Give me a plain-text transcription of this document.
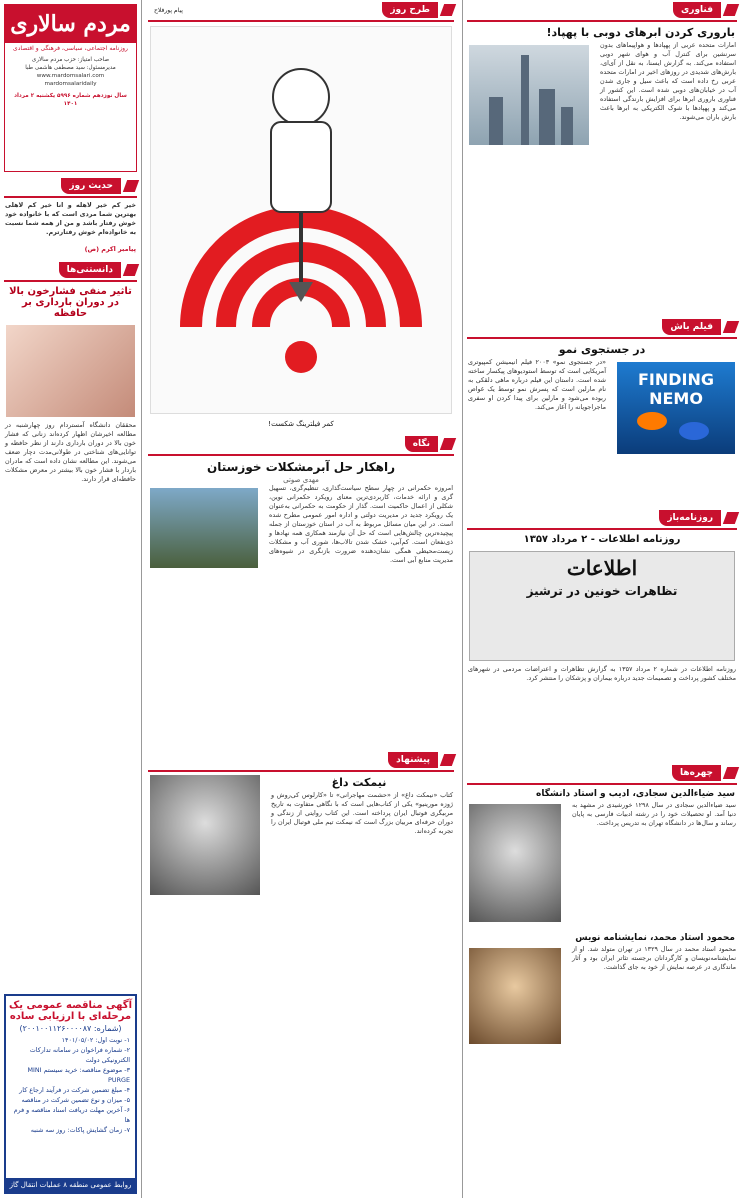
مردم سالاری
روزنامه اجتماعی، سیاسی، فرهنگی و اقتصادی
صاحب امتیاز: حزب مردم سالاری
مدیرمسئول: سید مصطفی هاشمی طبا
www.mardomsalari.com
mardomsalaridaily
سال نوزدهم شماره ۵۹۹۶ یکشنبه ۲ مرداد ۱۴۰۱
حدیث روز
خیر کم خیر لاهله و انا خیر کم لاهلی بهترین شما مردی است که با خانواده خود خوش رفتار باشد و من از همه شما نسبت به خانواده‌ام خوش رفتارترم.
پیامبر اکرم (ص)
دانستنی‌ها
تاثیر منفی فشارخون بالا در دوران بارداری بر حافظه
محققان دانشگاه آمستردام روز چهارشنبه در مطالعه اخیرشان اظهار کرده‌اند زنانی که فشار خون بالا در دوران بارداری دارند از نظر حافظه و توانایی‌های شناختی در طولانی‌مدت دچار ضعف می‌شوند. این مطالعه نشان داده است که مادران باردار با فشار خون بالا بیشتر در معرض مشکلات حافظه‌ای قرار دارند.
آگهی مناقصه عمومی یک مرحله‌ای با ارزیابی ساده
(شماره: ۲۰۰۱۰۰۱۱۲۶۰۰۰۰۸۷)
۱- نوبت اول: ۱۴۰۱/۰۵/۰۲
۲- شماره فراخوان در سامانه تدارکات الکترونیکی دولت
۳- موضوع مناقصه: خرید سیستم MINI PURGE
۴- مبلغ تضمین شرکت در فرآیند ارجاع کار
۵- میزان و نوع تضمین شرکت در مناقصه
۶- آخرین مهلت دریافت اسناد مناقصه و فرم ها
۷- زمان گشایش پاکات: روز سه شنبه
روابط عمومی منطقه ۸ عملیات انتقال گاز
طرح روز
پیام پورفلاح
کمر فیلترینگ شکست!
نگاه
راهکار حل آبرمشکلات خوزستان
مهدی صوتی
امروزه حکمرانی در چهار سطح سیاست‌گذاری، تنظیم‌گری، تسهیل گری و ارائه خدمات، کاربردی‌ترین معنای رویکرد حکمرانی نوین، شکلی از اعمال حاکمیت است. گذار از حکومت به حکمرانی به‌عنوان یک رویکرد جدید در مدیریت دولتی و اداره امور عمومی مطرح شده است. در این میان مسائل مربوط به آب در استان خوزستان از جمله پیچیده‌ترین چالش‌هایی است که حل آن نیازمند همکاری همه نهادها و ذی‌نفعان است. کم‌آبی، خشک شدن تالاب‌ها، شوری آب و مشکلات زیست‌محیطی همگی نشان‌دهنده ضرورت بازنگری در شیوه‌های مدیریت منابع آبی است.
پیشنهاد
نیمکت داغ
کتاب «نیمکت داغ» از «حشمت مهاجرانی» تا «کارلوس کی‌روش و ژوزه مورینیو» یکی از کتاب‌هایی است که با نگاهی متفاوت به تاریخ مربیگری فوتبال ایران پرداخته است. این کتاب روایتی از زندگی و دوران حرفه‌ای مربیان بزرگ است که نیمکت تیم ملی فوتبال ایران را تجربه کرده‌اند.
فناوری
باروری کردن ابرهای دوبی با پهپاد!
امارات متحده عربی از پهپادها و هواپیماهای بدون سرنشین برای کنترل آب و هوای شهر دوبی استفاده می‌کند. به گزارش ایسنا، به نقل از آی‌ای، بارش‌های شدیدی در روزهای اخیر در امارات متحده عربی رخ داده است که باعث سیل و جاری شدن آب در خیابان‌های دوبی شده است. این کشور از فناوری باروری ابرها برای افزایش بارندگی استفاده می‌کند و پهپادها با شوک الکتریکی به ابرها باعث بارش باران می‌شوند.
فیلم باش
در جستجوی نمو
FINDING NEMO
«در جستجوی نمو» ۲۰۰۳ فیلم انیمیشن کمپیوتری آمریکایی است که توسط استودیوهای پیکسار ساخته شده است. داستان این فیلم درباره ماهی دلقکی به نام مارلین است که پسرش نمو توسط یک غواص ربوده می‌شود و مارلین برای پیدا کردن او سفری ماجراجویانه را آغاز می‌کند.
روزنامه‌باز
روزنامه اطلاعات - ۲ مرداد ۱۳۵۷
اطلاعات
تظاهرات خونین در ترشیز
روزنامه اطلاعات در شماره ۲ مرداد ۱۳۵۷ به گزارش تظاهرات و اعتراضات مردمی در شهرهای مختلف کشور پرداخت و تصمیمات جدید درباره بیماران و پزشکان را منتشر کرد.
چهره‌ها
سید ضیاءالدین سجادی، ادیب و استاد دانشگاه
سید ضیاءالدین سجادی در سال ۱۲۹۸ خورشیدی در مشهد به دنیا آمد. او تحصیلات خود را در رشته ادبیات فارسی به پایان رساند و سال‌ها در دانشگاه تهران به تدریس پرداخت.
محمود استاد محمد، نمایشنامه نویس
محمود استاد محمد در سال ۱۳۲۹ در تهران متولد شد. او از نمایشنامه‌نویسان و کارگردانان برجسته تئاتر ایران بود و آثار ماندگاری در عرصه نمایش از خود به جای گذاشت.
